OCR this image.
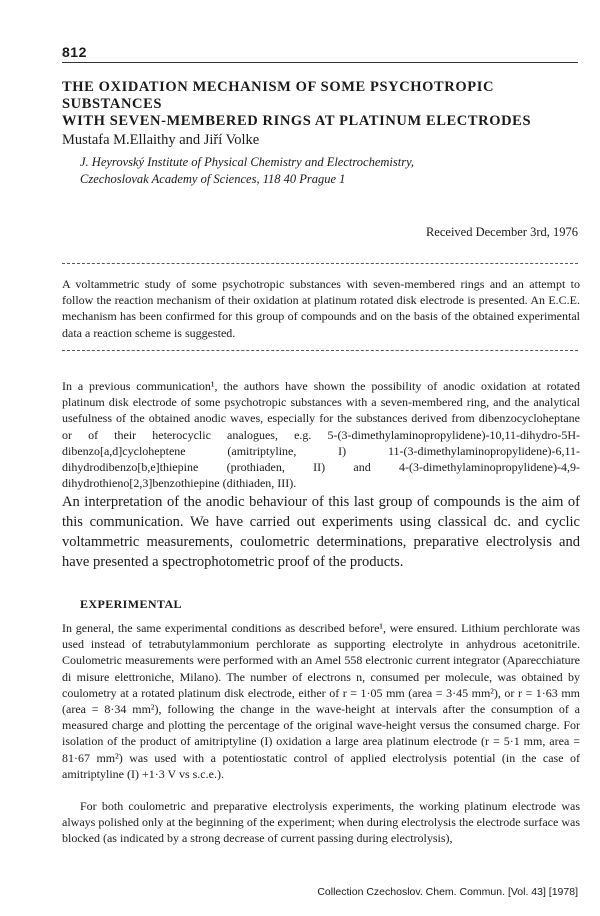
812
THE OXIDATION MECHANISM OF SOME PSYCHOTROPIC SUBSTANCES
WITH SEVEN-MEMBERED RINGS AT PLATINUM ELECTRODES
Mustafa M.Ellaithy and Jiří Volke
J. Heyrovský Institute of Physical Chemistry and Electrochemistry,
Czechoslovak Academy of Sciences, 118 40 Prague 1
Received December 3rd, 1976

A voltammetric study of some psychotropic substances with seven-membered rings and an attempt to follow the reaction mechanism of their oxidation at platinum rotated disk electrode is presented. An E.C.E. mechanism has been confirmed for this group of compounds and on the basis of the obtained experimental data a reaction scheme is suggested.

In a previous communication¹, the authors have shown the possibility of anodic oxidation at rotated platinum disk electrode of some psychotropic substances with a seven-membered ring, and the analytical usefulness of the obtained anodic waves, especially for the substances derived from dibenzocycloheptane or of their heterocyclic analogues, e.g. 5-(3-dimethylaminopropylidene)-10,11-dihydro-5H-dibenzo[a,d]cycloheptene (amitriptyline, I) 11-(3-dimethylaminopropylidene)-6,11-dihydrodibenzo[b,e]thiepine (prothiaden, II) and 4-(3-dimethylaminopropylidene)-4,9-dihydrothieno[2,3]benzothiepine (dithiaden, III).

An interpretation of the anodic behaviour of this last group of compounds is the aim of this communication. We have carried out experiments using classical dc. and cyclic voltammetric measurements, coulometric determinations, preparative electrolysis and have presented a spectrophotometric proof of the products.

EXPERIMENTAL

In general, the same experimental conditions as described before¹, were ensured. Lithium perchlorate was used instead of tetrabutylammonium perchlorate as supporting electrolyte in anhydrous acetonitrile. Coulometric measurements were performed with an Amel 558 electronic current integrator (Aparecchiature di misure elettroniche, Milano). The number of electrons n, consumed per molecule, was obtained by coulometry at a rotated platinum disk electrode, either of r = 1·05 mm (area = 3·45 mm²), or r = 1·63 mm (area = 8·34 mm²), following the change in the wave-height at intervals after the consumption of a measured charge and plotting the percentage of the original wave-height versus the consumed charge. For isolation of the product of amitriptyline (I) oxidation a large area platinum electrode (r = 5·1 mm, area = 81·67 mm²) was used with a potentiostatic control of applied electrolysis potential (in the case of amitriptyline (I) +1·3 V vs s.c.e.).

For both coulometric and preparative electrolysis experiments, the working platinum electrode was always polished only at the beginning of the experiment; when during electrolysis the electrode surface was blocked (as indicated by a strong decrease of current passing during electrolysis),

Collection Czechoslov. Chem. Commun. [Vol. 43] [1978]
